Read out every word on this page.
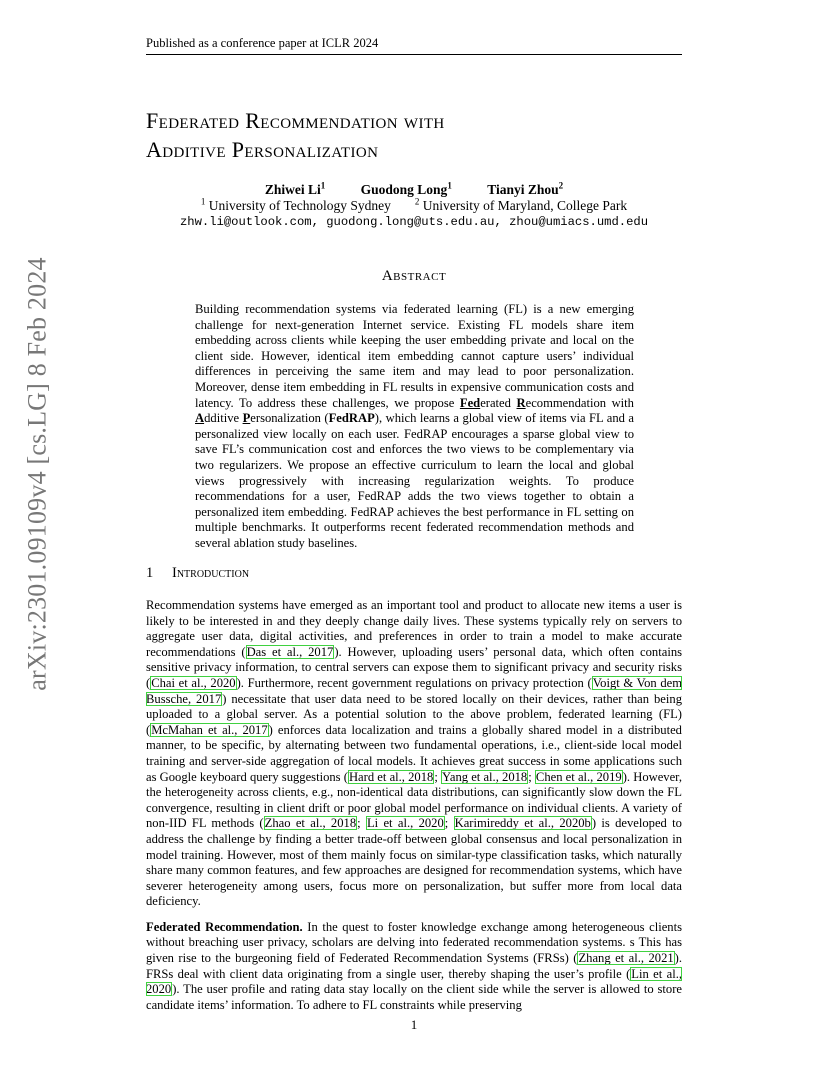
Published as a conference paper at ICLR 2024
arXiv:2301.09109v4 [cs.LG] 8 Feb 2024
Federated Recommendation with
Additive Personalization
Zhiwei Li$^1$	Guodong Long$^1$	Tianyi Zhou$^2$
$^1$ University of Technology Sydney	$^2$ University of Maryland, College Park
zhw.li@outlook.com, guodong.long@uts.edu.au, zhou@umiacs.umd.edu
Abstract
Building recommendation systems via federated learning (FL) is a new emerging challenge for next-generation Internet service. Existing FL models share item embedding across clients while keeping the user embedding private and local on the client side. However, identical item embedding cannot capture users’ individual differences in perceiving the same item and may lead to poor personalization. Moreover, dense item embedding in FL results in expensive communication costs and latency. To address these challenges, we propose Federated Recommendation with Additive Personalization (FedRAP), which learns a global view of items via FL and a personalized view locally on each user. FedRAP encourages a sparse global view to save FL’s communication cost and enforces the two views to be complementary via two regularizers. We propose an effective curriculum to learn the local and global views progressively with increasing regularization weights. To produce recommendations for a user, FedRAP adds the two views together to obtain a personalized item embedding. FedRAP achieves the best performance in FL setting on multiple benchmarks. It outperforms recent federated recommendation methods and several ablation study baselines.
1 Introduction

Recommendation systems have emerged as an important tool and product to allocate new items a user is likely to be interested in and they deeply change daily lives. These systems typically rely on servers to aggregate user data, digital activities, and preferences in order to train a model to make accurate recommendations (Das et al., 2017). However, uploading users’ personal data, which often contains sensitive privacy information, to central servers can expose them to significant privacy and security risks (Chai et al., 2020). Furthermore, recent government regulations on privacy protection (Voigt & Von dem Bussche, 2017) necessitate that user data need to be stored locally on their devices, rather than being uploaded to a global server. As a potential solution to the above problem, federated learning (FL) (McMahan et al., 2017) enforces data localization and trains a globally shared model in a distributed manner, to be specific, by alternating between two fundamental operations, i.e., client-side local model training and server-side aggregation of local models. It achieves great success in some applications such as Google keyboard query suggestions (Hard et al., 2018; Yang et al., 2018; Chen et al., 2019). However, the heterogeneity across clients, e.g., non-identical data distributions, can significantly slow down the FL convergence, resulting in client drift or poor global model performance on individual clients. A variety of non-IID FL methods (Zhao et al., 2018; Li et al., 2020; Karimireddy et al., 2020b) is developed to address the challenge by finding a better trade-off between global consensus and local personalization in model training. However, most of them mainly focus on similar-type classification tasks, which naturally share many common features, and few approaches are designed for recommendation systems, which have severer heterogeneity among users, focus more on personalization, but suffer more from local data deficiency.

Federated Recommendation. In the quest to foster knowledge exchange among heterogeneous clients without breaching user privacy, scholars are delving into federated recommendation systems. s This has given rise to the burgeoning field of Federated Recommendation Systems (FRSs) (Zhang et al., 2021). FRSs deal with client data originating from a single user, thereby shaping the user’s profile (Lin et al., 2020). The user profile and rating data stay locally on the client side while the server is allowed to store candidate items’ information. To adhere to FL constraints while preserving

1
